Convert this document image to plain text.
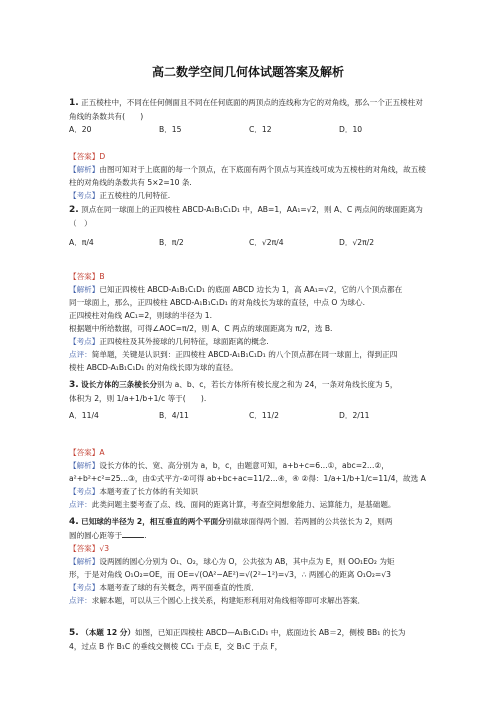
高二数学空间几何体试题答案及解析
1. 正五棱柱中，不同在任何侧面且不同在任何底面的两顶点的连线称为它的对角线，那么一个正五棱柱对角线的条数共有(　　)
A．20	B．15	C．12	D．10
【答案】D
【解析】由图可知对于上底面的每一个顶点，在下底面有两个顶点与其连线可成为五棱柱的对角线，故五棱柱的对角线的条数共有 5×2=10 条.
【考点】正五棱柱的几何特征.
2. 顶点在同一球面上的正四棱柱 ABCD-A₁B₁C₁D₁ 中，AB=1，AA₁=√2，则 A、C 两点间的球面距离为（　）
A．π/4	B．π/2	C．√2π/4	D．√2π/2
【答案】B
【解析】已知正四棱柱 ABCD-A₁B₁C₁D₁ 的底面 ABCD 边长为 1，高 AA₁=√2，它的八个顶点都在
同一球面上，那么，正四棱柱 ABCD-A₁B₁C₁D₁ 的对角线长为球的直径，中点 O 为球心.
正四棱柱对角线 AC₁=2，则球的半径为 1.
根据题中所给数据，可得∠AOC=π/2，则 A、C 两点的球面距离为 π/2，选 B.
【考点】正四棱柱及其外接球的几何特征，球面距离的概念.
点评：简单题，关键是认识到：正四棱柱 ABCD-A₁B₁C₁D₁ 的八个顶点都在同一球面上，得到正四
棱柱 ABCD-A₁B₁C₁D₁ 的对角线长即为球的直径。
3. 设长方体的三条棱长分别为 a、b、c，若长方体所有棱长度之和为 24，一条对角线长度为 5，
体积为 2，则 1/a+1/b+1/c 等于(　　).
A．11/4	B．4/11	C．11/2	D．2/11
【答案】A
【解析】设长方体的长、宽、高分别为 a，b，c，由题意可知，a+b+c=6…①，abc=2…②，
a²+b²+c²=25…③，由①式平方-②可得 ab+bc+ac=11/2…④，④ ②得：1/a+1/b+1/c=11/4，故选 A
【考点】本题考查了长方体的有关知识
点评：此类问题主要考查了点、线、面间的距离计算，考查空间想象能力、运算能力，是基础题。
4. 已知球的半径为 2，相互垂直的两个平面分别截球面得两个圆．若两圆的公共弦长为 2，则两
圆的圆心距等于	.
【答案】√3
【解析】设两圆的圆心分别为 O₁、O₂，球心为 O，公共弦为 AB，其中点为 E，则 OO₁EO₂ 为矩
形，于是对角线 O₁O₂=OE，而 OE=√(OA²−AE²)=√(2²−1²)=√3，∴ 两圆心的距离 O₁O₂=√3
【考点】本题考查了球的有关概念，两平面垂直的性质．
点评：求解本题，可以从三个圆心上找关系，构建矩形利用对角线相等即可求解出答案．
5. （本题 12 分）如图，已知正四棱柱 ABCD—A₁B₁C₁D₁ 中，底面边长 AB＝2，侧棱 BB₁ 的长为
4，过点 B 作 B₁C 的垂线交侧棱 CC₁ 于点 E，交 B₁C 于点 F，
